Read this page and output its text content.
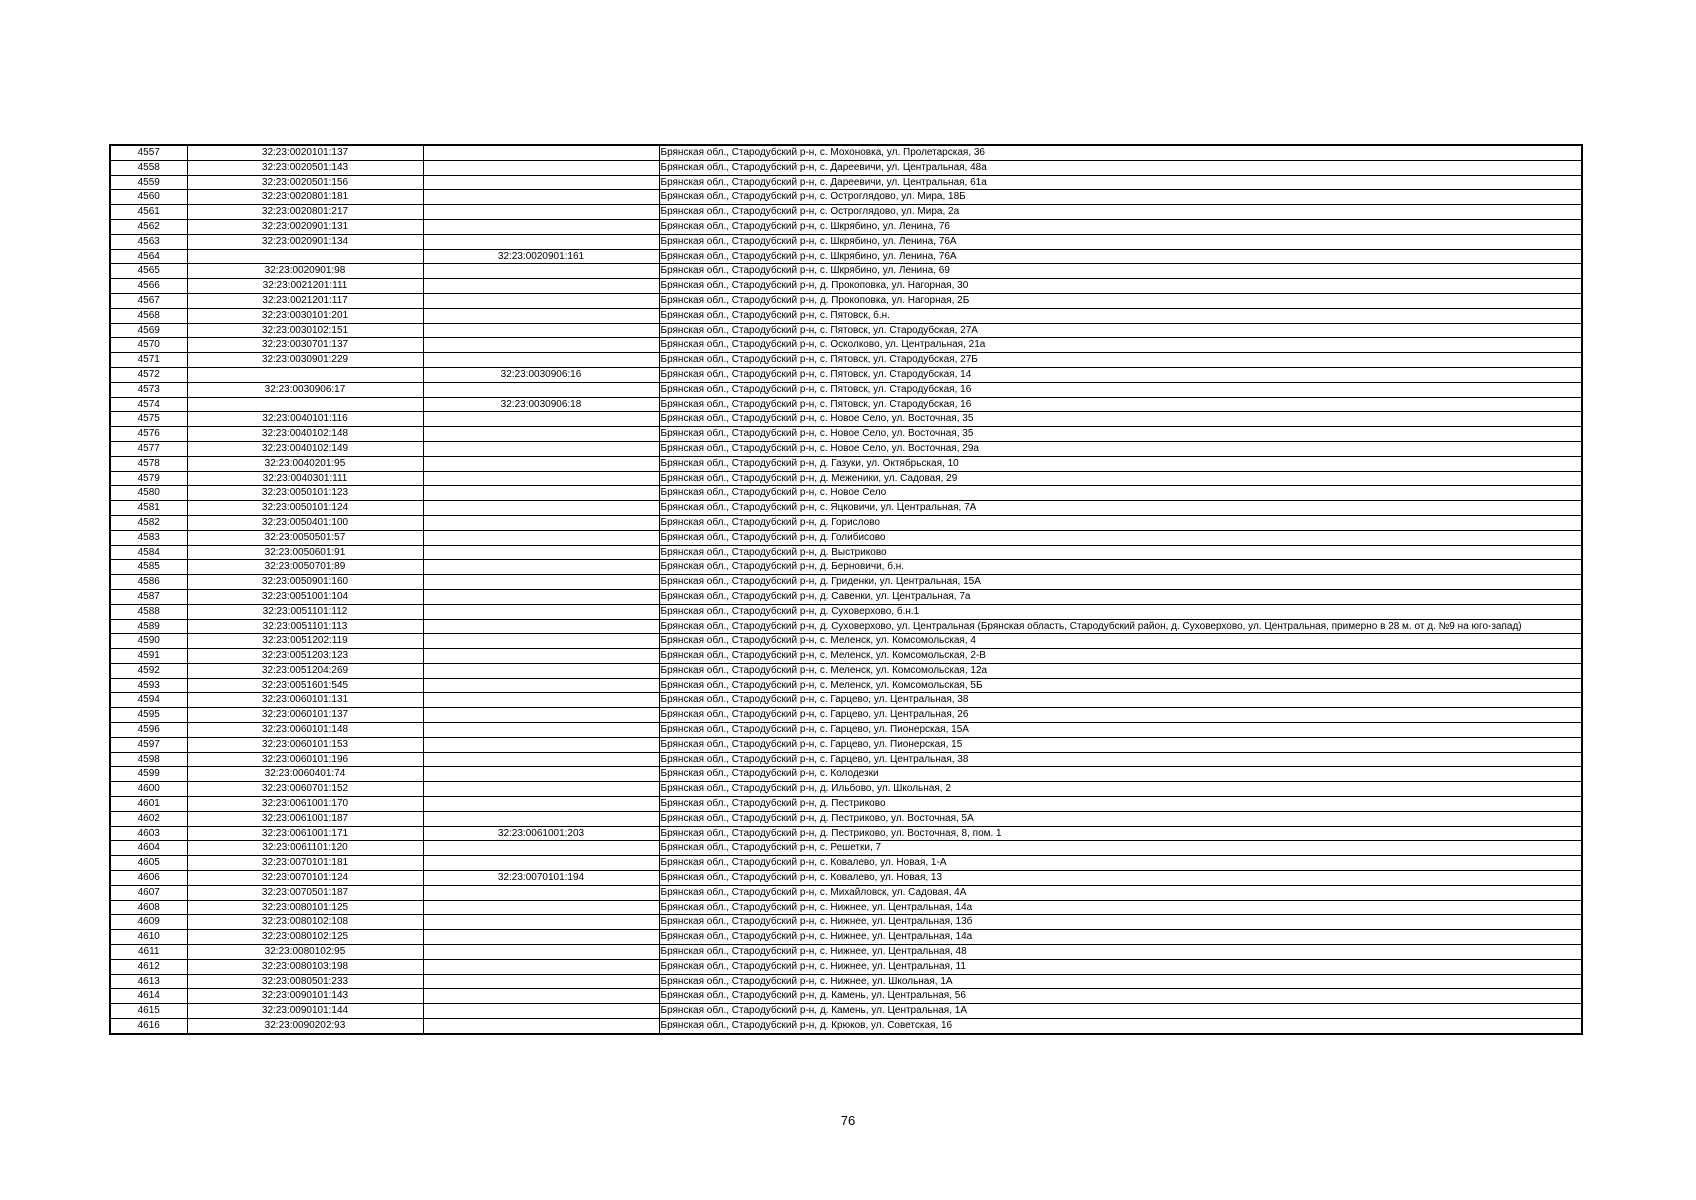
4557	32:23:0020101:137		Брянская обл., Стародубский р-н, с. Мохоновка, ул. Пролетарская, 36
4558	32:23:0020501:143		Брянская обл., Стародубский р-н, с. Дареевичи, ул. Центральная, 48а
4559	32:23:0020501:156		Брянская обл., Стародубский р-н, с. Дареевичи, ул. Центральная, 61а
4560	32:23:0020801:181		Брянская обл., Стародубский р-н, с. Остроглядово, ул. Мира, 18Б
4561	32:23:0020801:217		Брянская обл., Стародубский р-н, с. Остроглядово, ул. Мира, 2а
4562	32:23:0020901:131		Брянская обл., Стародубский р-н, с. Шкрябино, ул. Ленина, 76
4563	32:23:0020901:134		Брянская обл., Стародубский р-н, с. Шкрябино, ул. Ленина, 76А
4564		32:23:0020901:161	Брянская обл., Стародубский р-н, с. Шкрябино, ул. Ленина, 76А
4565	32:23:0020901:98		Брянская обл., Стародубский р-н, с. Шкрябино, ул. Ленина, 69
4566	32:23:0021201:111		Брянская обл., Стародубский р-н, д. Прокоповка, ул. Нагорная, 30
4567	32:23:0021201:117		Брянская обл., Стародубский р-н, д. Прокоповка, ул. Нагорная, 2Б
4568	32:23:0030101:201		Брянская обл., Стародубский р-н, с. Пятовск, б.н.
4569	32:23:0030102:151		Брянская обл., Стародубский р-н, с. Пятовск, ул. Стародубская, 27А
4570	32:23:0030701:137		Брянская обл., Стародубский р-н, с. Осколково, ул. Центральная, 21а
4571	32:23:0030901:229		Брянская обл., Стародубский р-н, с. Пятовск, ул. Стародубская, 27Б
4572		32:23:0030906:16	Брянская обл., Стародубский р-н, с. Пятовск, ул. Стародубская, 14
4573	32:23:0030906:17		Брянская обл., Стародубский р-н, с. Пятовск, ул. Стародубская, 16
4574		32:23:0030906:18	Брянская обл., Стародубский р-н, с. Пятовск, ул. Стародубская, 16
4575	32:23:0040101:116		Брянская обл., Стародубский р-н, с. Новое Село, ул. Восточная, 35
4576	32:23:0040102:148		Брянская обл., Стародубский р-н, с. Новое Село, ул. Восточная, 35
4577	32:23:0040102:149		Брянская обл., Стародубский р-н, с. Новое Село, ул. Восточная, 29а
4578	32:23:0040201:95		Брянская обл., Стародубский р-н, д. Газуки, ул. Октябрьская, 10
4579	32:23:0040301:111		Брянская обл., Стародубский р-н, д. Меженики, ул. Садовая, 29
4580	32:23:0050101:123		Брянская обл., Стародубский р-н, с. Новое Село
4581	32:23:0050101:124		Брянская обл., Стародубский р-н, с. Яцковичи, ул. Центральная, 7А
4582	32:23:0050401:100		Брянская обл., Стародубский р-н, д. Горислово
4583	32:23:0050501:57		Брянская обл., Стародубский р-н, д. Голибисово
4584	32:23:0050601:91		Брянская обл., Стародубский р-н, д. Выстриково
4585	32:23:0050701:89		Брянская обл., Стародубский р-н, д. Берновичи, б.н.
4586	32:23:0050901:160		Брянская обл., Стародубский р-н, д. Гриденки, ул. Центральная, 15А
4587	32:23:0051001:104		Брянская обл., Стародубский р-н, д. Савенки, ул. Центральная, 7а
4588	32:23:0051101:112		Брянская обл., Стародубский р-н, д. Суховерхово, б.н.1
4589	32:23:0051101:113		Брянская обл., Стародубский р-н, д. Суховерхово, ул. Центральная (Брянская область, Стародубский район, д. Суховерхово, ул. Центральная, примерно в 28 м. от д. №9 на юго-запад)
4590	32:23:0051202:119		Брянская обл., Стародубский р-н, с. Меленск, ул. Комсомольская, 4
4591	32:23:0051203:123		Брянская обл., Стародубский р-н, с. Меленск, ул. Комсомольская, 2-В
4592	32:23:0051204:269		Брянская обл., Стародубский р-н, с. Меленск, ул. Комсомольская, 12а
4593	32:23:0051601:545		Брянская обл., Стародубский р-н, с. Меленск, ул. Комсомольская, 5Б
4594	32:23:0060101:131		Брянская обл., Стародубский р-н, с. Гарцево, ул. Центральная, 38
4595	32:23:0060101:137		Брянская обл., Стародубский р-н, с. Гарцево, ул. Центральная, 26
4596	32:23:0060101:148		Брянская обл., Стародубский р-н, с. Гарцево, ул. Пионерская, 15А
4597	32:23:0060101:153		Брянская обл., Стародубский р-н, с. Гарцево, ул. Пионерская, 15
4598	32:23:0060101:196		Брянская обл., Стародубский р-н, с. Гарцево, ул. Центральная, 38
4599	32:23:0060401:74		Брянская обл., Стародубский р-н, с. Колодезки
4600	32:23:0060701:152		Брянская обл., Стародубский р-н, д. Ильбово, ул. Школьная, 2
4601	32:23:0061001:170		Брянская обл., Стародубский р-н, д. Пестриково
4602	32:23:0061001:187		Брянская обл., Стародубский р-н, д. Пестриково, ул. Восточная, 5А
4603	32:23:0061001:171	32:23:0061001:203	Брянская обл., Стародубский р-н, д. Пестриково, ул. Восточная, 8, пом. 1
4604	32:23:0061101:120		Брянская обл., Стародубский р-н, с. Решетки, 7
4605	32:23:0070101:181		Брянская обл., Стародубский р-н, с. Ковалево, ул. Новая, 1-А
4606	32:23:0070101:124	32:23:0070101:194	Брянская обл., Стародубский р-н, с. Ковалево, ул. Новая, 13
4607	32:23:0070501:187		Брянская обл., Стародубский р-н, с. Михайловск, ул. Садовая, 4А
4608	32:23:0080101:125		Брянская обл., Стародубский р-н, с. Нижнее, ул. Центральная, 14а
4609	32:23:0080102:108		Брянская обл., Стародубский р-н, с. Нижнее, ул. Центральная, 13б
4610	32:23:0080102:125		Брянская обл., Стародубский р-н, с. Нижнее, ул. Центральная, 14а
4611	32:23:0080102:95		Брянская обл., Стародубский р-н, с. Нижнее, ул. Центральная, 48
4612	32:23:0080103:198		Брянская обл., Стародубский р-н, с. Нижнее, ул. Центральная, 11
4613	32:23:0080501:233		Брянская обл., Стародубский р-н, с. Нижнее, ул. Школьная, 1А
4614	32:23:0090101:143		Брянская обл., Стародубский р-н, д. Камень, ул. Центральная, 56
4615	32:23:0090101:144		Брянская обл., Стародубский р-н, д. Камень, ул. Центральная, 1А
4616	32:23:0090202:93		Брянская обл., Стародубский р-н, д. Крюков, ул. Советская, 16
76
